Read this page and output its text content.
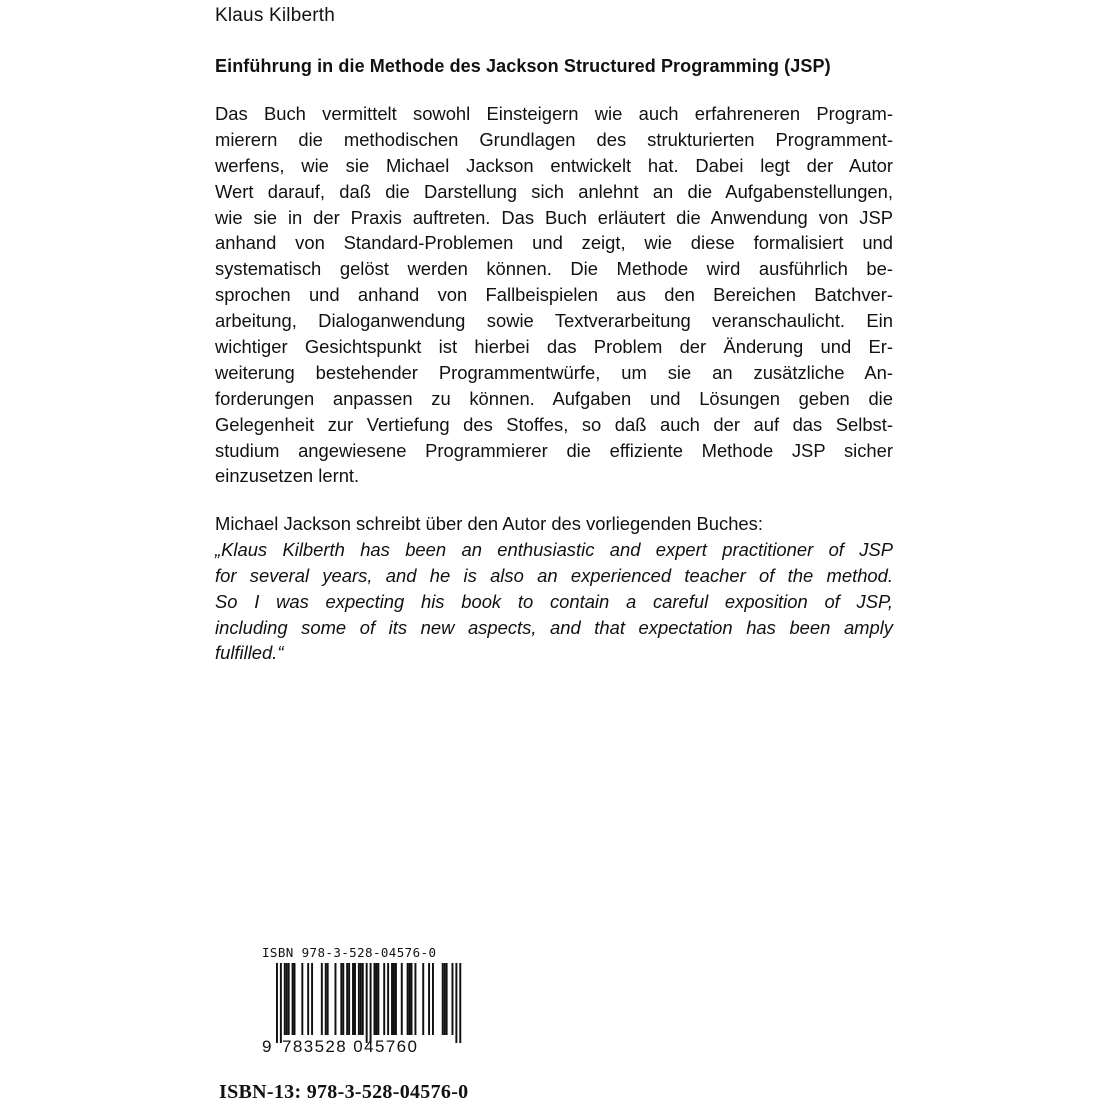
Klaus Kilberth
Einführung in die Methode des Jackson Structured Programming (JSP)
Das Buch vermittelt sowohl Einsteigern wie auch erfahreneren Program-
mierern die methodischen Grundlagen des strukturierten Programment-
werfens, wie sie Michael Jackson entwickelt hat. Dabei legt der Autor
Wert darauf, daß die Darstellung sich anlehnt an die Aufgabenstellungen,
wie sie in der Praxis auftreten. Das Buch erläutert die Anwendung von JSP
anhand von Standard-Problemen und zeigt, wie diese formalisiert und
systematisch gelöst werden können. Die Methode wird ausführlich be-
sprochen und anhand von Fallbeispielen aus den Bereichen Batchver-
arbeitung, Dialoganwendung sowie Textverarbeitung veranschaulicht. Ein
wichtiger Gesichtspunkt ist hierbei das Problem der Änderung und Er-
weiterung bestehender Programmentwürfe, um sie an zusätzliche An-
forderungen anpassen zu können. Aufgaben und Lösungen geben die
Gelegenheit zur Vertiefung des Stoffes, so daß auch der auf das Selbst-
studium angewiesene Programmierer die effiziente Methode JSP sicher
einzusetzen lernt.
Michael Jackson schreibt über den Autor des vorliegenden Buches:
„Klaus Kilberth has been an enthusiastic and expert practitioner of JSP
for several years, and he is also an experienced teacher of the method.
So I was expecting his book to contain a careful exposition of JSP,
including some of its new aspects, and that expectation has been amply
fulfilled.“
ISBN 978-3-528-04576-0
9 783528 045760
ISBN-13: 978-3-528-04576-0
